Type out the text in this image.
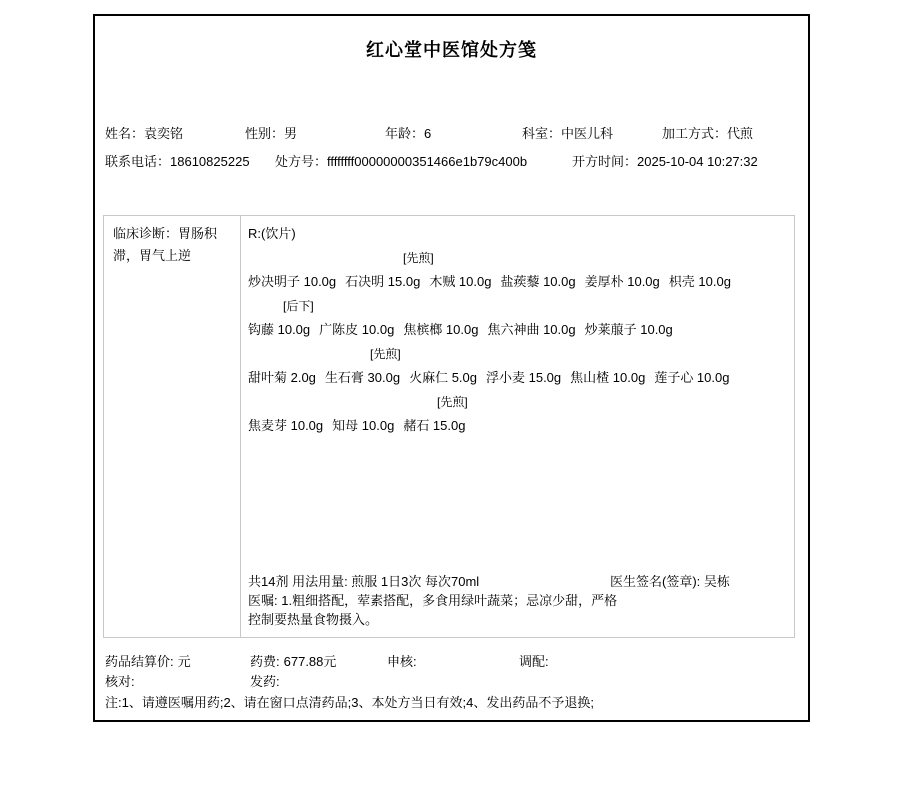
红心堂中医馆处方笺
姓名：袁奕铭	性别：男	年龄：6	科室：中医儿科	加工方式：代煎
联系电话：18610825225 处方号：ffffffff00000000351466e1b79c400b	开方时间：2025-10-04 10:27:32
临床诊断：胃肠积滞，胃气上逆
R:(饮片)
[先煎]
炒决明子 10.0g 石决明 15.0g 木贼 10.0g 盐蒺藜 10.0g 姜厚朴 10.0g 枳壳 10.0g
[后下]
钩藤 10.0g 广陈皮 10.0g 焦槟榔 10.0g 焦六神曲 10.0g 炒莱菔子 10.0g
[先煎]
甜叶菊 2.0g 生石膏 30.0g 火麻仁 5.0g 浮小麦 15.0g 焦山楂 10.0g 莲子心 10.0g
[先煎]
焦麦芽 10.0g 知母 10.0g 赭石 15.0g
共14剂 用法用量: 煎服 1日3次 每次70ml	医生签名(签章): 吴栋
医嘱: 1.粗细搭配，荤素搭配，多食用绿叶蔬菜；忌凉少甜，严格控制要热量食物摄入。
药品结算价: 元	药费: 677.88元	申核:	调配:
核对:	发药:
注:1、请遵医嘱用药;2、请在窗口点清药品;3、本处方当日有效;4、发出药品不予退换;
